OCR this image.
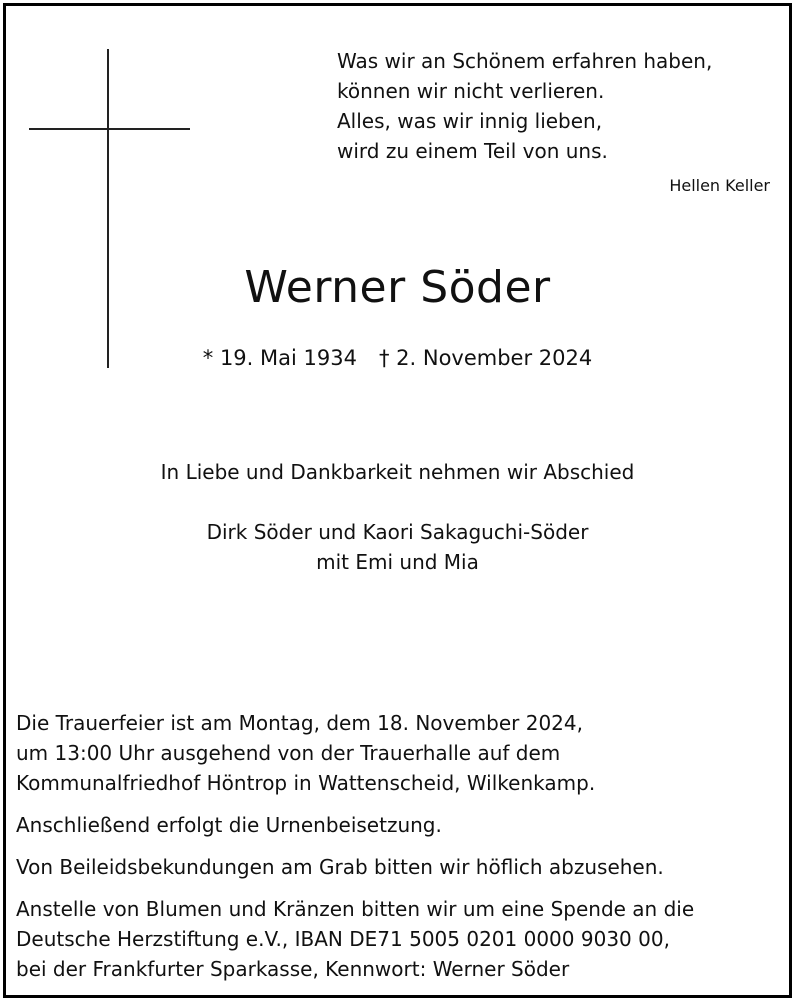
Was wir an Schönem erfahren haben,
können wir nicht verlieren.
Alles, was wir innig lieben,
wird zu einem Teil von uns.
Hellen Keller
Werner Söder
* 19. Mai 1934 † 2. November 2024
In Liebe und Dankbarkeit nehmen wir Abschied
Dirk Söder und Kaori Sakaguchi-Söder
mit Emi und Mia

Die Trauerfeier ist am Montag, dem 18. November 2024,
um 13:00 Uhr ausgehend von der Trauerhalle auf dem
Kommunalfriedhof Höntrop in Wattenscheid, Wilkenkamp.

Anschließend erfolgt die Urnenbeisetzung.

Von Beileidsbekundungen am Grab bitten wir höflich abzusehen.

Anstelle von Blumen und Kränzen bitten wir um eine Spende an die
Deutsche Herzstiftung e.V., IBAN DE71 5005 0201 0000 9030 00,
bei der Frankfurter Sparkasse, Kennwort: Werner Söder
